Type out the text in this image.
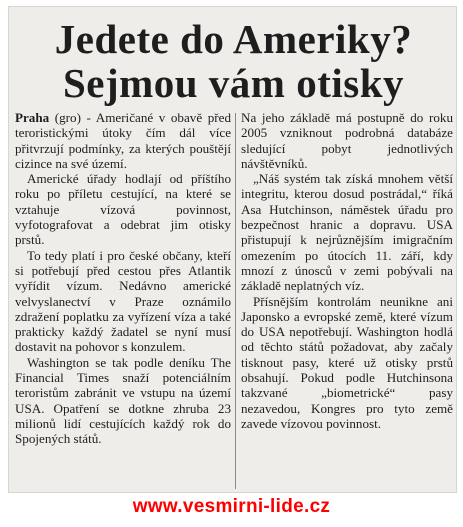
Jedete do Ameriky?
Sejmou vám otisky

Praha (gro) - Američané v obavě před teroristickými útoky čím dál více přitvrzují podmínky, za kterých pouštějí cizince na své území.

Americké úřady hodlají od příštího roku po příletu cestující, na které se vztahuje vízová povinnost, vyfotografovat a odebrat jim otisky prstů.

To tedy platí i pro české občany, kteří si potřebují před cestou přes Atlantik vyřídit vízum. Nedávno americké velvyslanectví v Praze oznámilo zdražení poplatku za vyřízení víza a také prakticky každý žadatel se nyní musí dostavit na pohovor s konzulem.

Washington se tak podle deníku The Financial Times snaží potenciálním teroristům zabránit ve vstupu na území USA. Opatření se dotkne zhruba 23 milionů lidí cestujících každý rok do Spojených států.

Na jeho základě má postupně do roku 2005 vzniknout podrobná databáze sledující pobyt jednotlivých návštěvníků.

„Náš systém tak získá mnohem větší integritu, kterou dosud postrádal,“ říká Asa Hutchinson, náměstek úřadu pro bezpečnost hranic a dopravu. USA přistupují k nejrůznějším imigračním omezením po útocích 11. září, kdy mnozí z únosců v zemi pobývali na základě neplatných víz.

Přísnějším kontrolám neunikne ani Japonsko a evropské země, které vízum do USA nepotřebují. Washington hodlá od těchto států požadovat, aby začaly tisknout pasy, které už otisky prstů obsahují. Pokud podle Hutchinsona takzvané „biometrické“ pasy nezavedou, Kongres pro tyto země zavede vízovou povinnost.

www.vesmirni-lide.cz
